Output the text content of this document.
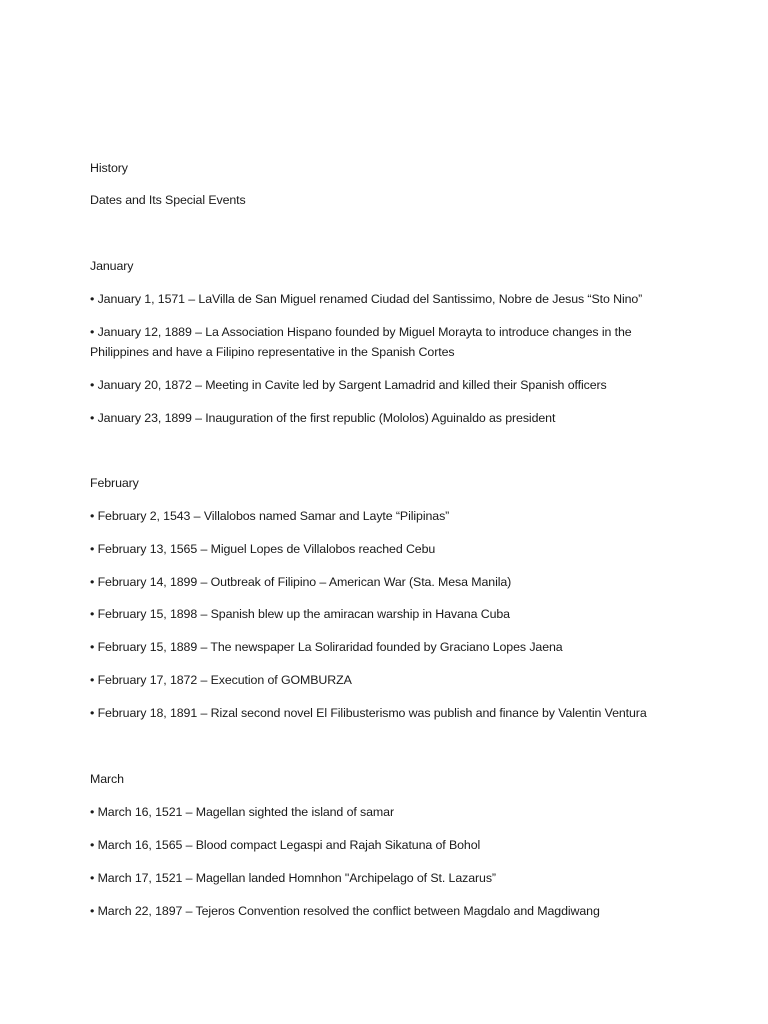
History
Dates and Its Special Events
January
• January 1, 1571 – LaVilla de San Miguel renamed Ciudad del Santissimo, Nobre de Jesus “Sto Nino”
• January 12, 1889 – La Association Hispano founded by Miguel Morayta to introduce changes in the Philippines and have a Filipino representative in the Spanish Cortes
• January 20, 1872 – Meeting in Cavite led by Sargent Lamadrid and killed their Spanish officers
• January 23, 1899 – Inauguration of the first republic (Mololos) Aguinaldo as president
February
• February 2, 1543 – Villalobos named Samar and Layte “Pilipinas”
• February 13, 1565 – Miguel Lopes de Villalobos reached Cebu
• February 14, 1899 – Outbreak of Filipino – American War (Sta. Mesa Manila)
• February 15, 1898 – Spanish blew up the amiracan warship in Havana Cuba
• February 15, 1889 – The newspaper La Soliraridad founded by Graciano Lopes Jaena
• February 17, 1872 – Execution of GOMBURZA
• February 18, 1891 – Rizal second novel El Filibusterismo was publish and finance by Valentin Ventura
March
• March 16, 1521 – Magellan sighted the island of samar
• March 16, 1565 – Blood compact Legaspi and Rajah Sikatuna of Bohol
• March 17, 1521 – Magellan landed Homnhon "Archipelago of St. Lazarus”
• March 22, 1897 – Tejeros Convention resolved the conflict between Magdalo and Magdiwang
